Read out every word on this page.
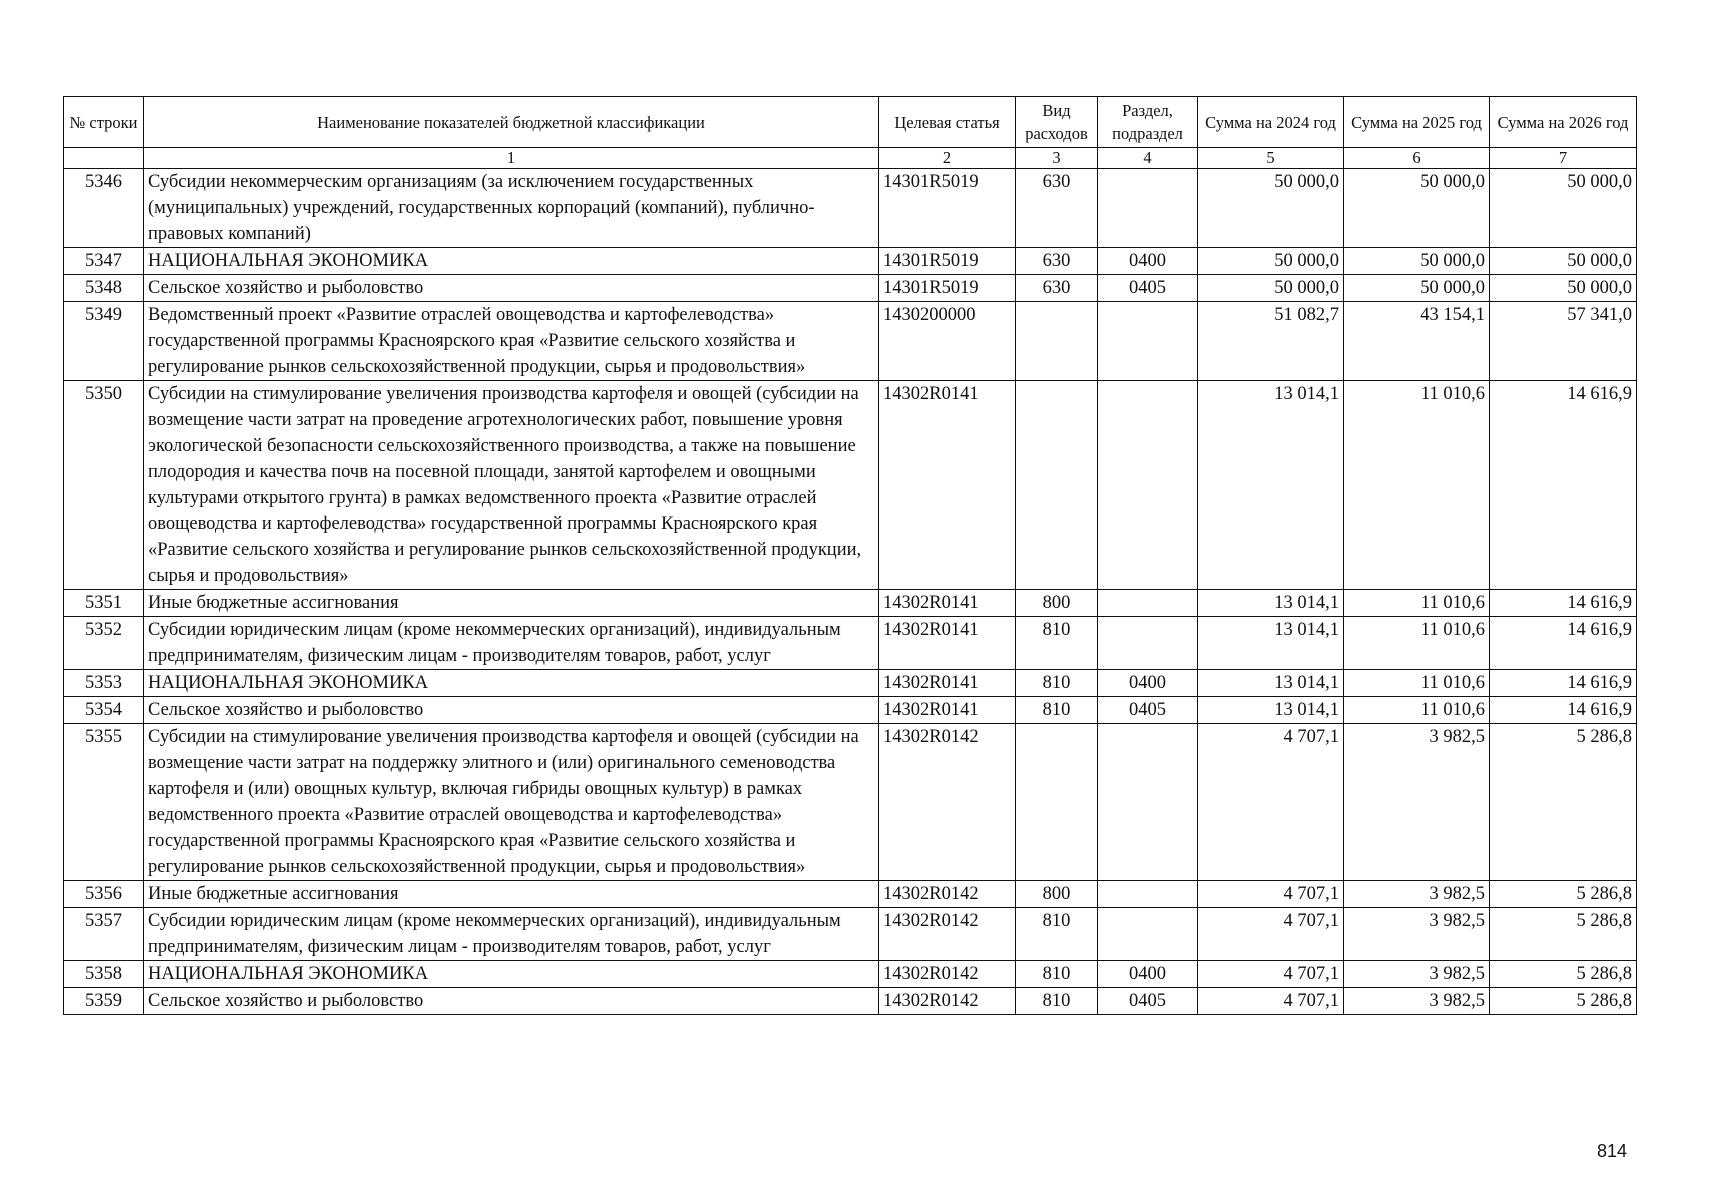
№ строки	Наименование показателей бюджетной классификации	Целевая статья	Вид расходов	Раздел, подраздел	Сумма на 2024 год	Сумма на 2025 год	Сумма на 2026 год
	1	2	3	4	5	6	7
5346	Субсидии некоммерческим организациям (за исключением государственных (муниципальных) учреждений, государственных корпораций (компаний), публично-правовых компаний)	14301R5019	630		50 000,0	50 000,0	50 000,0
5347	НАЦИОНАЛЬНАЯ ЭКОНОМИКА	14301R5019	630	0400	50 000,0	50 000,0	50 000,0
5348	Сельское хозяйство и рыболовство	14301R5019	630	0405	50 000,0	50 000,0	50 000,0
5349	Ведомственный проект «Развитие отраслей овощеводства и картофелеводства» государственной программы Красноярского края «Развитие сельского хозяйства и регулирование рынков сельскохозяйственной продукции, сырья и продовольствия»	1430200000			51 082,7	43 154,1	57 341,0
5350	Субсидии на стимулирование увеличения производства картофеля и овощей (субсидии на возмещение части затрат на проведение агротехнологических работ, повышение уровня экологической безопасности сельскохозяйственного производства, а также на повышение плодородия и качества почв на посевной площади, занятой картофелем и овощными культурами открытого грунта) в рамках ведомственного проекта «Развитие отраслей овощеводства и картофелеводства» государственной программы Красноярского края «Развитие сельского хозяйства и регулирование рынков сельскохозяйственной продукции, сырья и продовольствия»	14302R0141			13 014,1	11 010,6	14 616,9
5351	Иные бюджетные ассигнования	14302R0141	800		13 014,1	11 010,6	14 616,9
5352	Субсидии юридическим лицам (кроме некоммерческих организаций), индивидуальным предпринимателям, физическим лицам - производителям товаров, работ, услуг	14302R0141	810		13 014,1	11 010,6	14 616,9
5353	НАЦИОНАЛЬНАЯ ЭКОНОМИКА	14302R0141	810	0400	13 014,1	11 010,6	14 616,9
5354	Сельское хозяйство и рыболовство	14302R0141	810	0405	13 014,1	11 010,6	14 616,9
5355	Субсидии на стимулирование увеличения производства картофеля и овощей (субсидии на возмещение части затрат на поддержку элитного и (или) оригинального семеноводства картофеля и (или) овощных культур, включая гибриды овощных культур) в рамках ведомственного проекта «Развитие отраслей овощеводства и картофелеводства» государственной программы Красноярского края «Развитие сельского хозяйства и регулирование рынков сельскохозяйственной продукции, сырья и продовольствия»	14302R0142			4 707,1	3 982,5	5 286,8
5356	Иные бюджетные ассигнования	14302R0142	800		4 707,1	3 982,5	5 286,8
5357	Субсидии юридическим лицам (кроме некоммерческих организаций), индивидуальным предпринимателям, физическим лицам - производителям товаров, работ, услуг	14302R0142	810		4 707,1	3 982,5	5 286,8
5358	НАЦИОНАЛЬНАЯ ЭКОНОМИКА	14302R0142	810	0400	4 707,1	3 982,5	5 286,8
5359	Сельское хозяйство и рыболовство	14302R0142	810	0405	4 707,1	3 982,5	5 286,8
814
